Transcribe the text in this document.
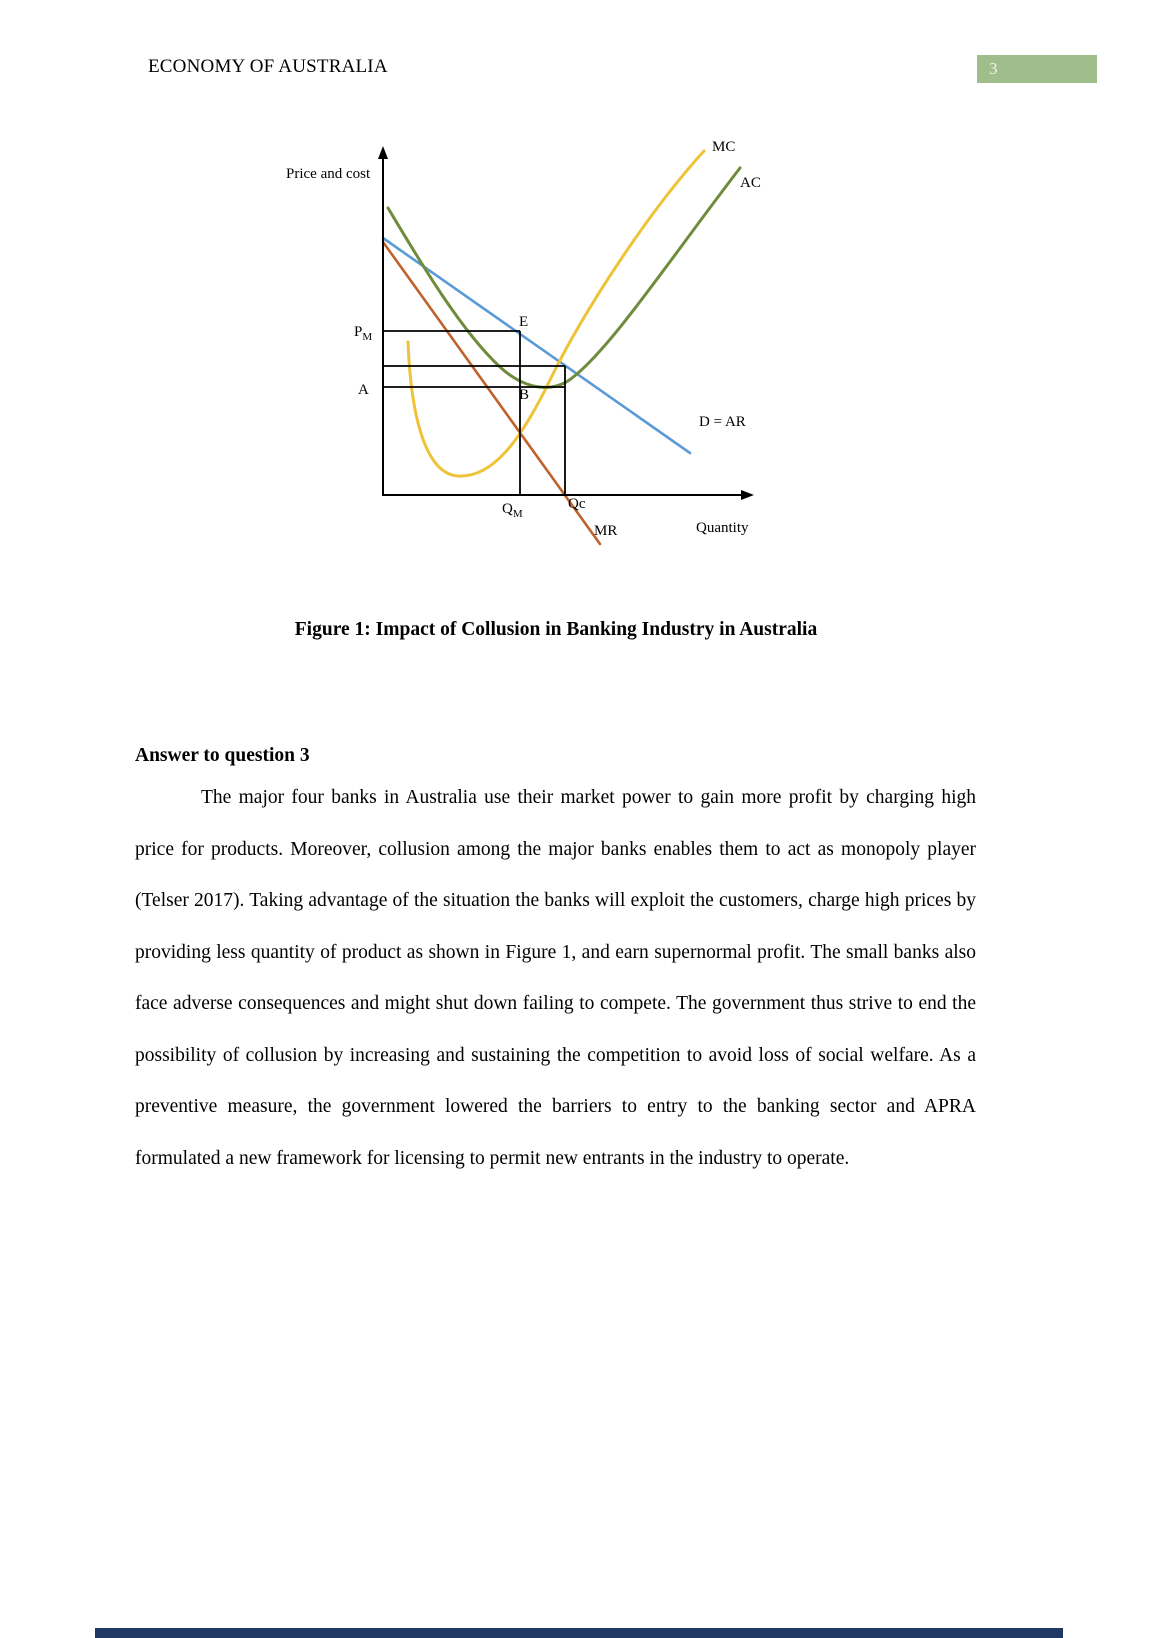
ECONOMY OF AUSTRALIA	3
Price and cost
Quantity
MC
AC
D = AR
MR
$P_M$
A
E
B
$Q_M$
Qc
Figure 1: Impact of Collusion in Banking Industry in Australia
Answer to question 3

The major four banks in Australia use their market power to gain more profit by charging high price for products. Moreover, collusion among the major banks enables them to act as monopoly player (Telser 2017). Taking advantage of the situation the banks will exploit the customers, charge high prices by providing less quantity of product as shown in Figure 1, and earn supernormal profit. The small banks also face adverse consequences and might shut down failing to compete. The government thus strive to end the possibility of collusion by increasing and sustaining the competition to avoid loss of social welfare. As a preventive measure, the government lowered the barriers to entry to the banking sector and APRA formulated a new framework for licensing to permit new entrants in the industry to operate.
